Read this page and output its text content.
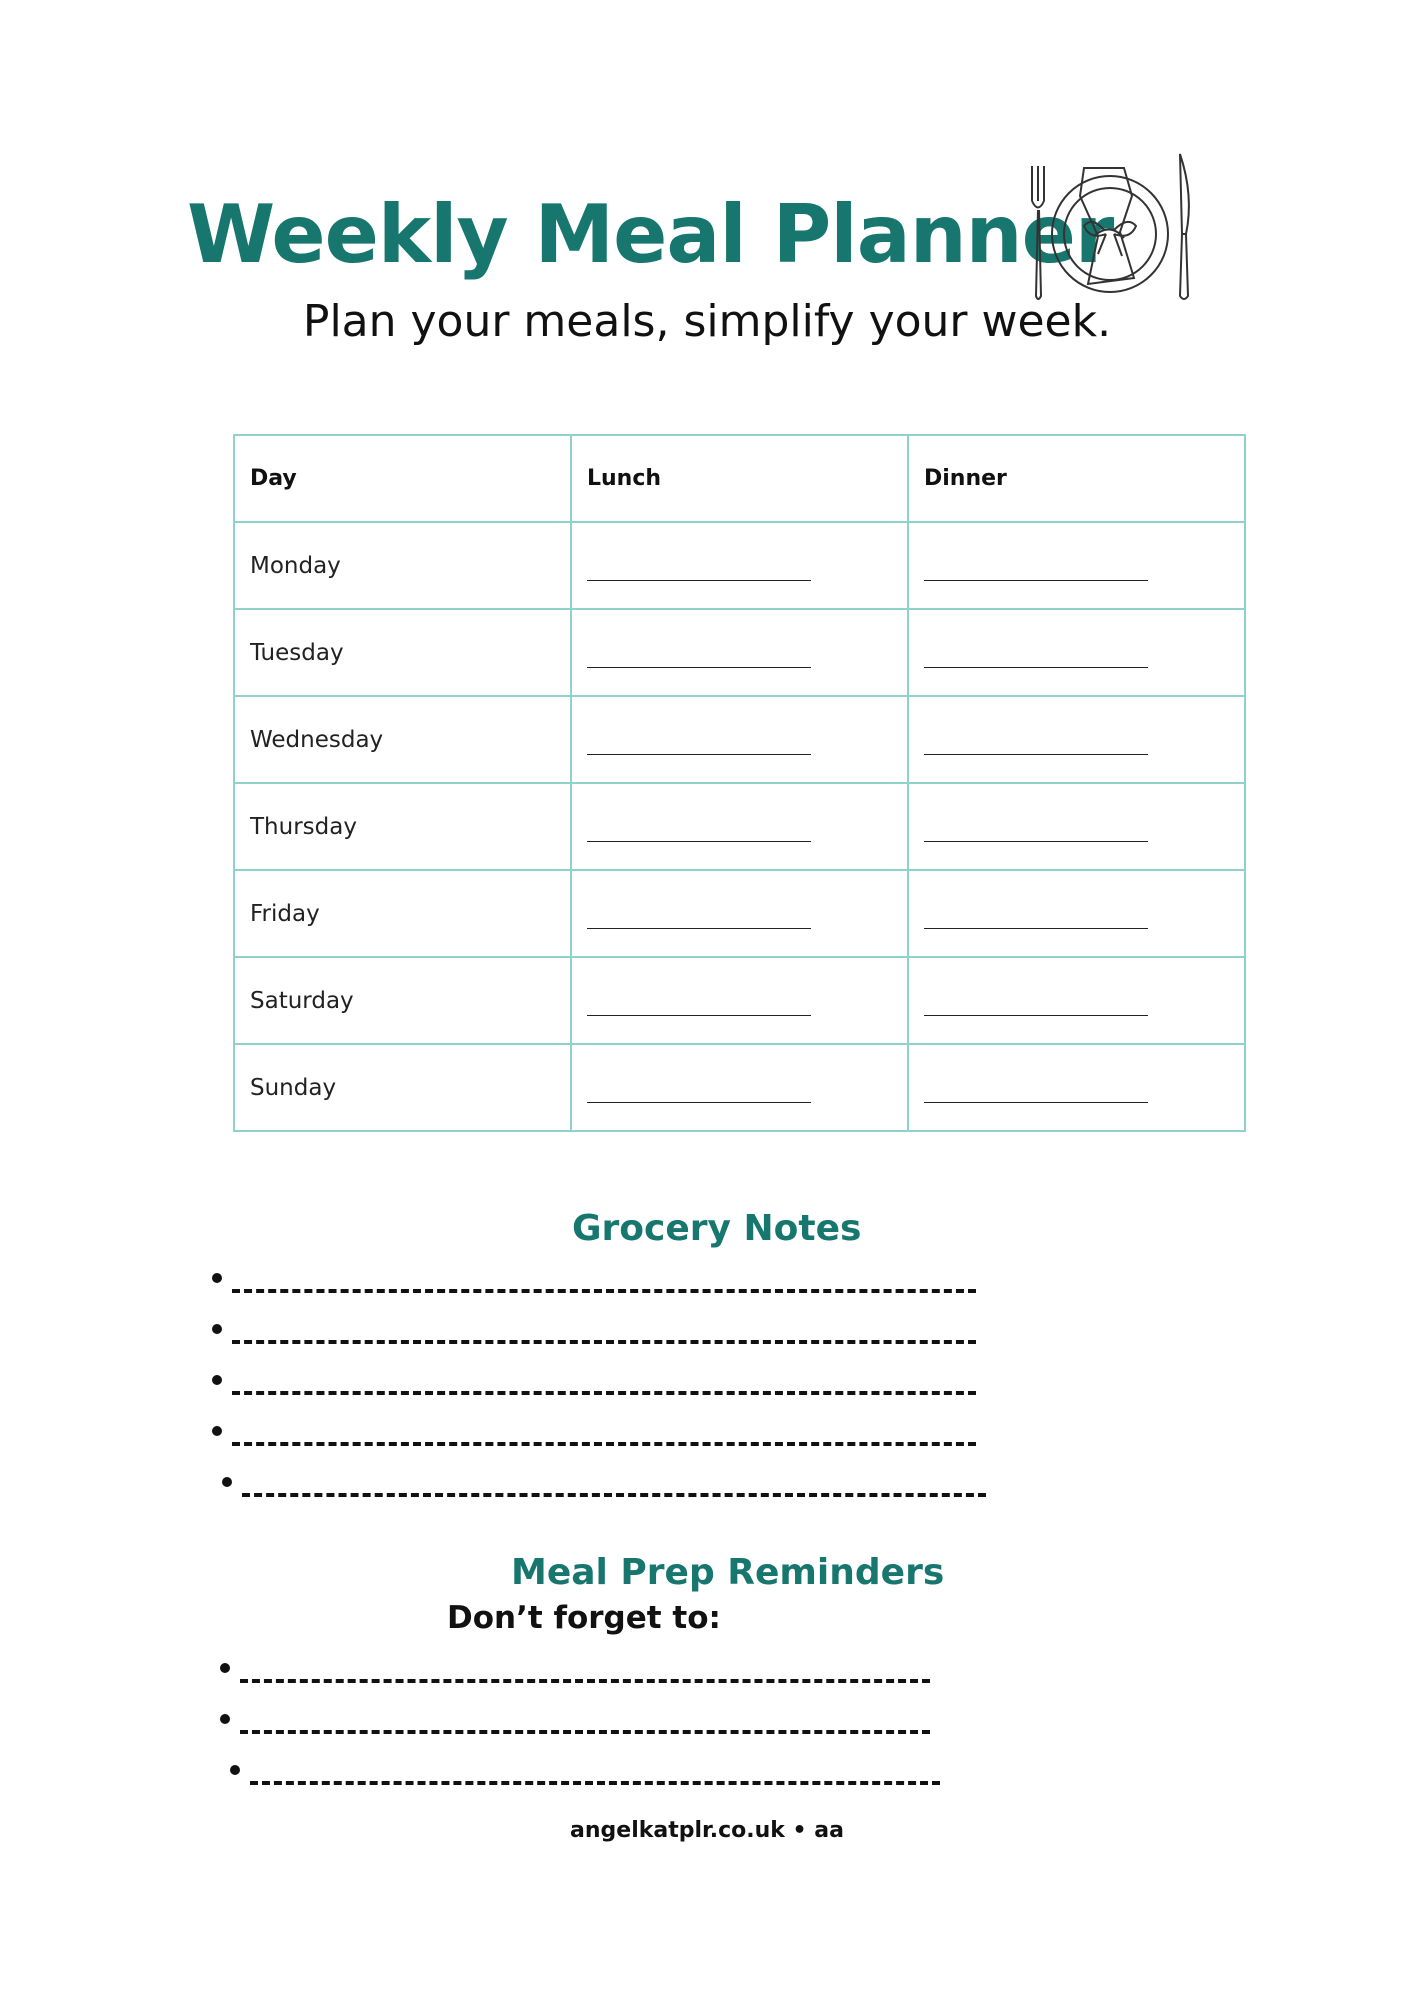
Weekly Meal Planner
Plan your meals, simplify your week.
Day	Lunch	Dinner
Monday		
Tuesday		
Wednesday		
Thursday		
Friday		
Saturday		
Sunday		
Grocery Notes
Meal Prep Reminders
Don’t forget to:
angelkatplr.co.uk • aa
